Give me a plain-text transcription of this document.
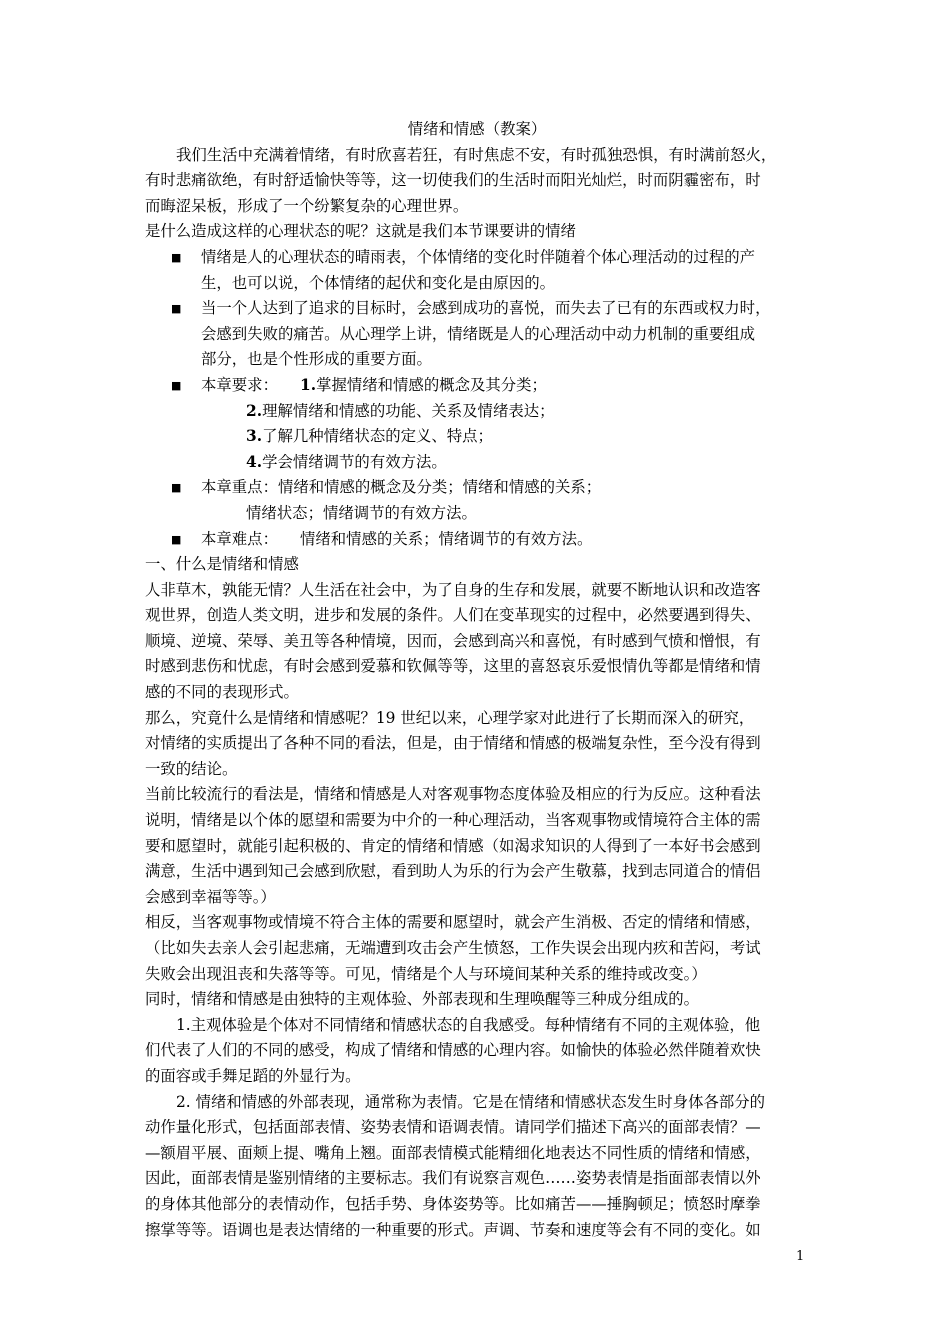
情绪和情感（教案）
我们生活中充满着情绪，有时欣喜若狂，有时焦虑不安，有时孤独恐惧，有时满前怒火，
有时悲痛欲绝，有时舒适愉快等等，这一切使我们的生活时而阳光灿烂，时而阴霾密布，时
而晦涩呆板，形成了一个纷繁复杂的心理世界。
是什么造成这样的心理状态的呢？这就是我们本节课要讲的情绪
■	情绪是人的心理状态的晴雨表，个体情绪的变化时伴随着个体心理活动的过程的产
生，也可以说，个体情绪的起伏和变化是由原因的。
■	当一个人达到了追求的目标时，会感到成功的喜悦，而失去了已有的东西或权力时，
会感到失败的痛苦。从心理学上讲，情绪既是人的心理活动中动力机制的重要组成
部分，也是个性形成的重要方面。
■	本章要求： 1.掌握情绪和情感的概念及其分类；
2.理解情绪和情感的功能、关系及情绪表达；
3.了解几种情绪状态的定义、特点；
4.学会情绪调节的有效方法。
■	本章重点：情绪和情感的概念及分类；情绪和情感的关系；
情绪状态；情绪调节的有效方法。
■	本章难点： 情绪和情感的关系；情绪调节的有效方法。
一、什么是情绪和情感
人非草木，孰能无情？人生活在社会中，为了自身的生存和发展，就要不断地认识和改造客
观世界，创造人类文明，进步和发展的条件。人们在变革现实的过程中，必然要遇到得失、
顺境、逆境、荣辱、美丑等各种情境，因而，会感到高兴和喜悦，有时感到气愤和憎恨，有
时感到悲伤和忧虑，有时会感到爱慕和钦佩等等，这里的喜怒哀乐爱恨情仇等都是情绪和情
感的不同的表现形式。
那么，究竟什么是情绪和情感呢？19 世纪以来，心理学家对此进行了长期而深入的研究，
对情绪的实质提出了各种不同的看法，但是，由于情绪和情感的极端复杂性，至今没有得到
一致的结论。
当前比较流行的看法是，情绪和情感是人对客观事物态度体验及相应的行为反应。这种看法
说明，情绪是以个体的愿望和需要为中介的一种心理活动，当客观事物或情境符合主体的需
要和愿望时，就能引起积极的、肯定的情绪和情感（如渴求知识的人得到了一本好书会感到
满意，生活中遇到知己会感到欣慰，看到助人为乐的行为会产生敬慕，找到志同道合的情侣
会感到幸福等等。）
相反，当客观事物或情境不符合主体的需要和愿望时，就会产生消极、否定的情绪和情感，
（比如失去亲人会引起悲痛，无端遭到攻击会产生愤怒，工作失误会出现内疚和苦闷，考试
失败会出现沮丧和失落等等。可见，情绪是个人与环境间某种关系的维持或改变。）
同时，情绪和情感是由独特的主观体验、外部表现和生理唤醒等三种成分组成的。
1.主观体验是个体对不同情绪和情感状态的自我感受。每种情绪有不同的主观体验，他
们代表了人们的不同的感受，构成了情绪和情感的心理内容。如愉快的体验必然伴随着欢快
的面容或手舞足蹈的外显行为。
2. 情绪和情感的外部表现，通常称为表情。它是在情绪和情感状态发生时身体各部分的
动作量化形式，包括面部表情、姿势表情和语调表情。请同学们描述下高兴的面部表情？—
—额眉平展、面颊上提、嘴角上翘。面部表情模式能精细化地表达不同性质的情绪和情感，
因此，面部表情是鉴别情绪的主要标志。我们有说察言观色……姿势表情是指面部表情以外
的身体其他部分的表情动作，包括手势、身体姿势等。比如痛苦——捶胸顿足；愤怒时摩拳
擦掌等等。语调也是表达情绪的一种重要的形式。声调、节奏和速度等会有不同的变化。如
1
